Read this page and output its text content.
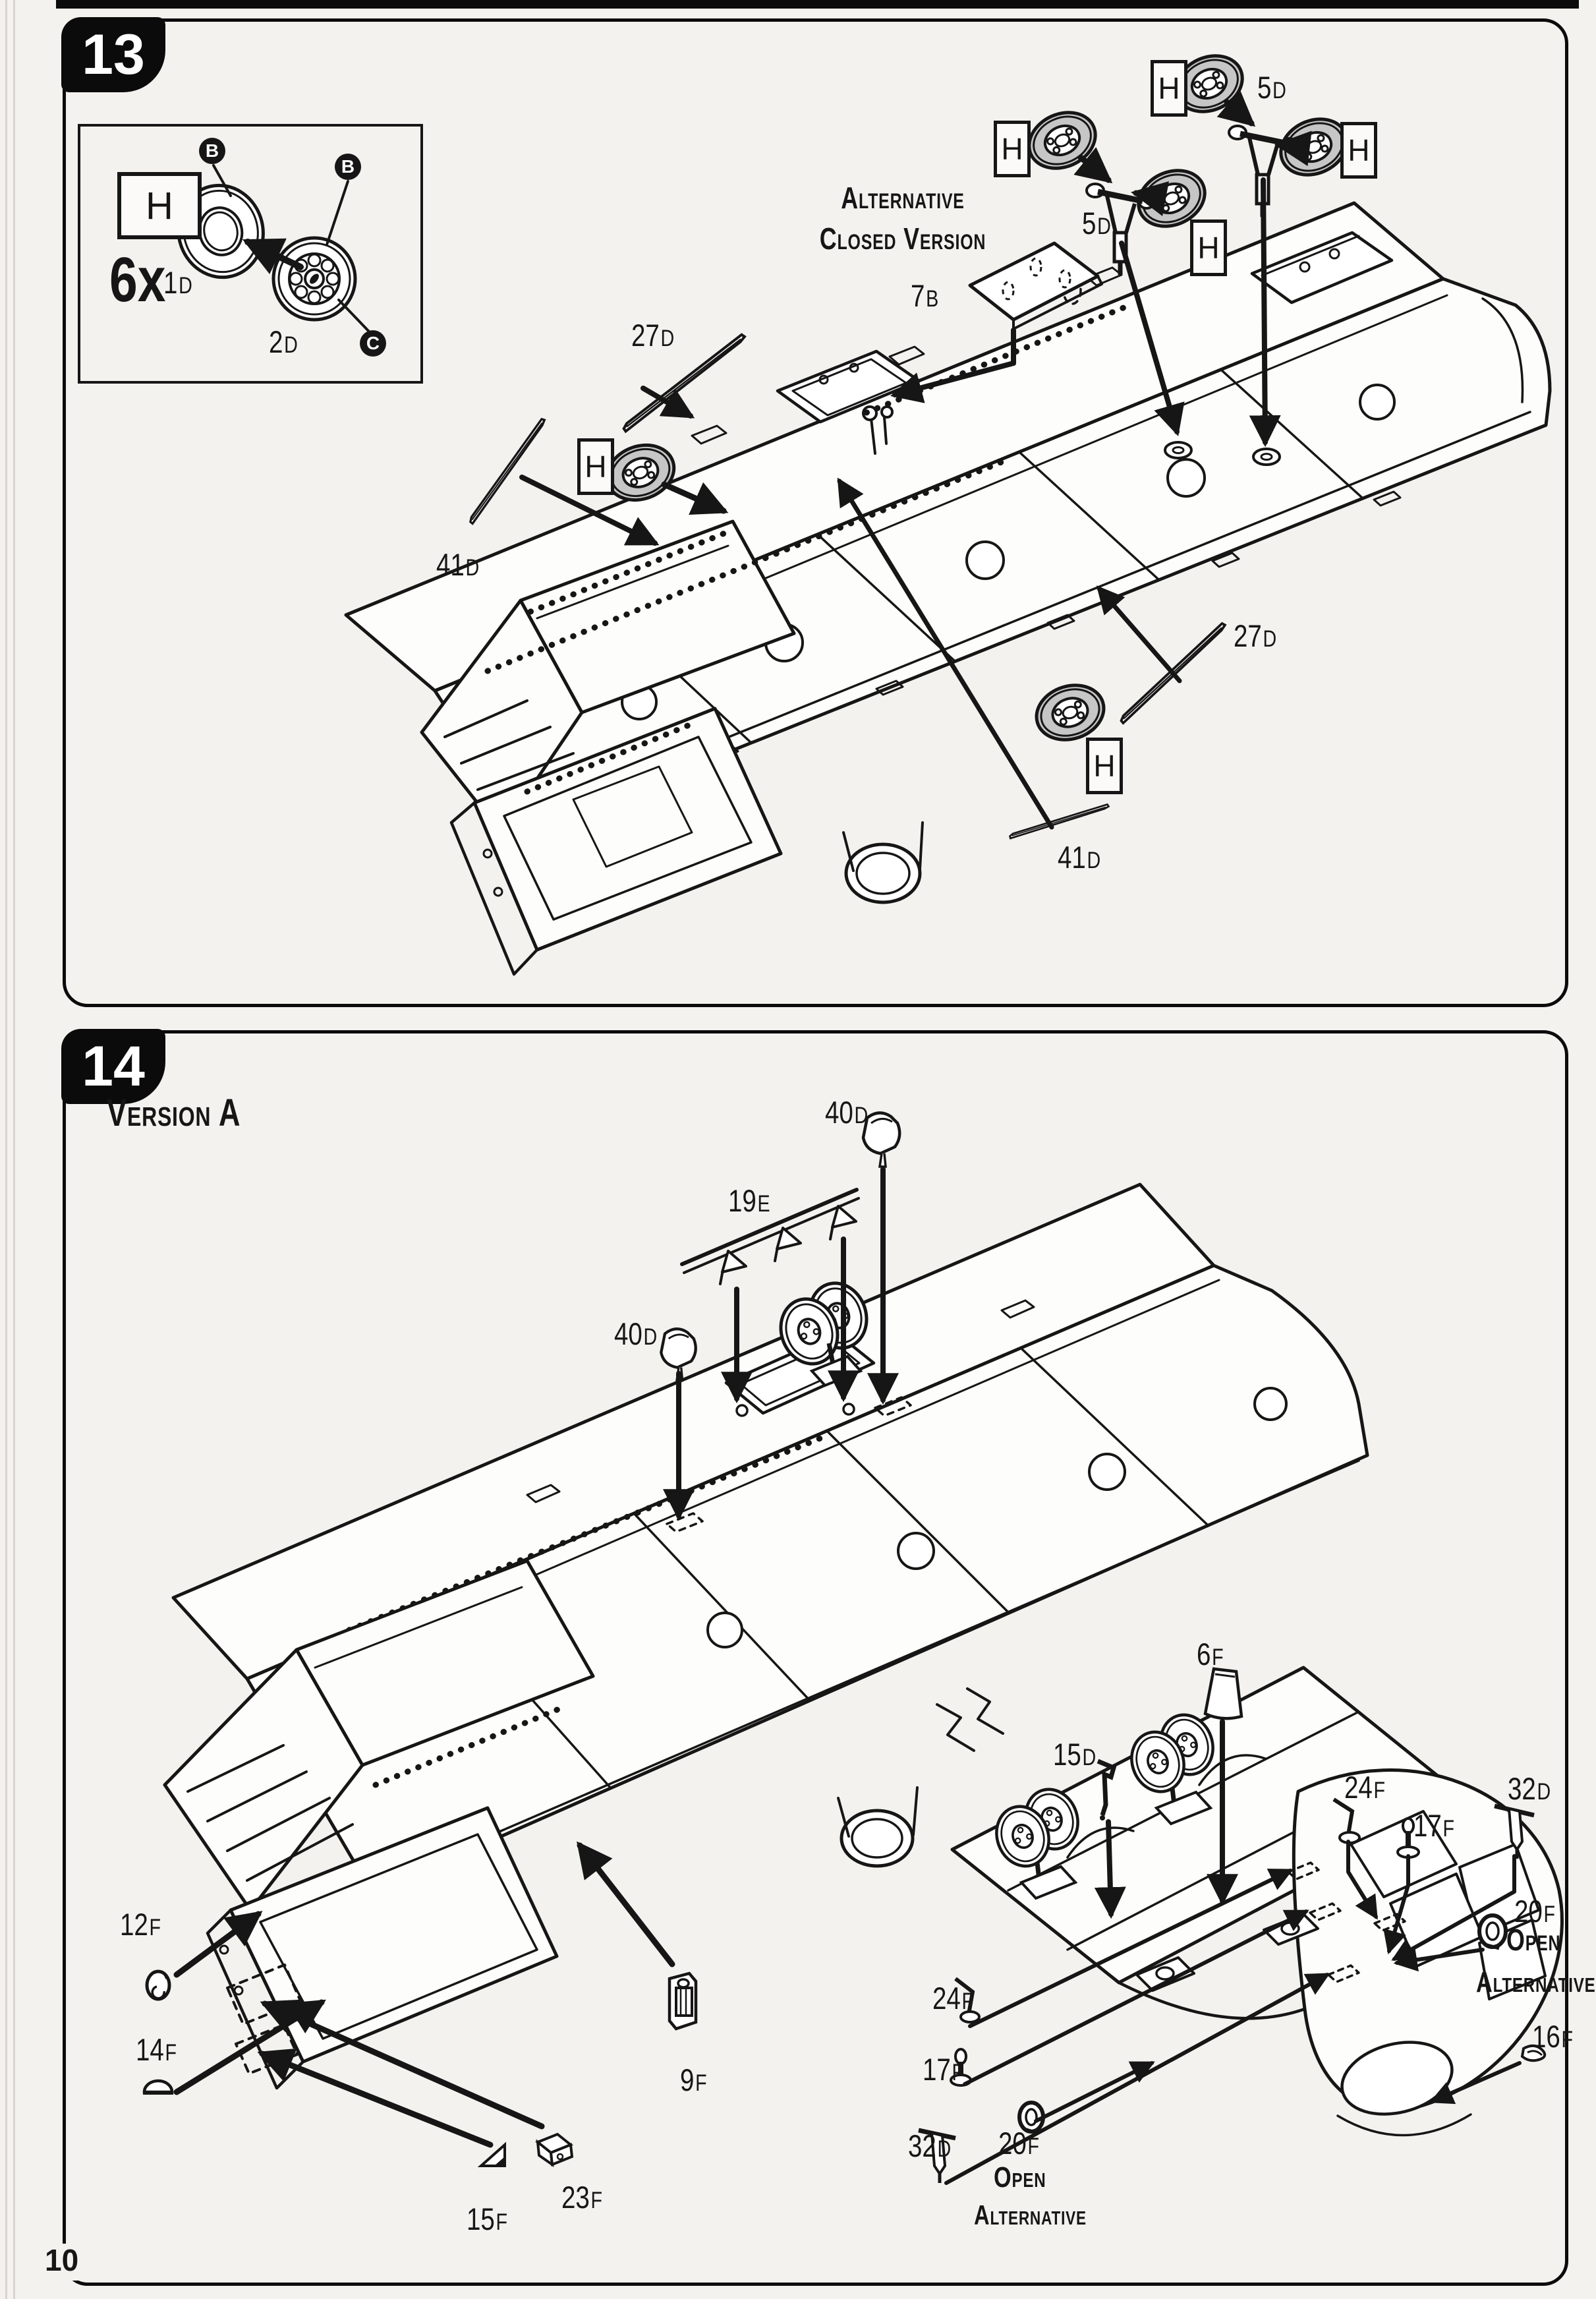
13
H
6x
1D
2D
B
B
C
Alternative
Closed Version
7B
5D
5D
27D
41D
27D
41D
H
H
H
H
H
H
14
Version A	40D
19E
40D
12F
14F
15F
23F
9F
6F
15D
24F
17F
32D
20F
16F
24F
17F
32D 20F
Open
Alternative
Open
Alternative
10
